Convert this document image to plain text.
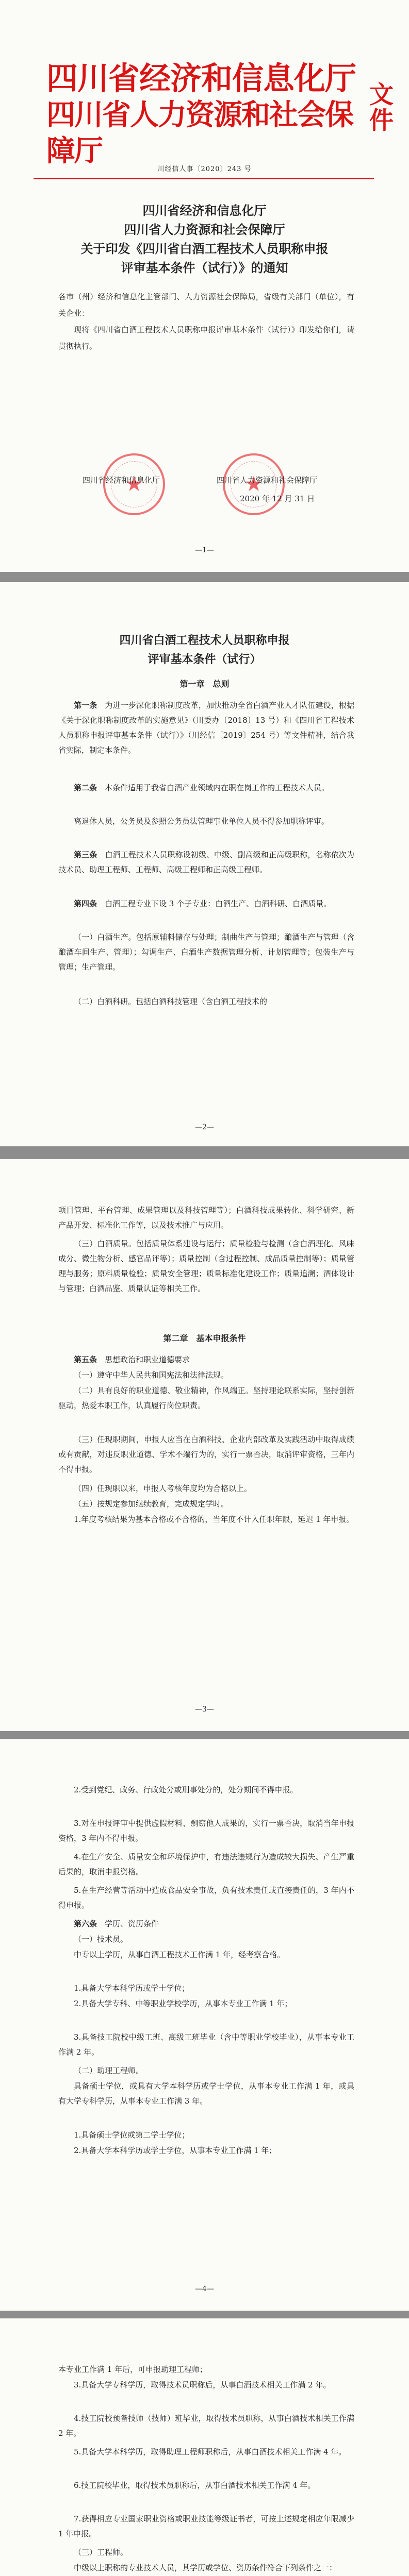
四川省经济和信息化厅
四川省人力资源和社会保障厅
文件
川经信人事〔2020〕243 号
四川省经济和信息化厅
四川省人力资源和社会保障厅
关于印发《四川省白酒工程技术人员职称申报
评审基本条件（试行）》的通知
各市（州）经济和信息化主管部门、人力资源社会保障局，省级有关部门（单位），有关企业：
现将《四川省白酒工程技术人员职称申报评审基本条件（试行）》印发给你们，请贯彻执行。
★
★
四川省经济和信息化厅	四川省人力资源和社会保障厅
2020 年 12 月 31 日
—1—
四川省白酒工程技术人员职称申报
评审基本条件（试行）
第一章　总则
第一条　 为进一步深化职称制度改革，加快推动全省白酒产业人才队伍建设，根据《关于深化职称制度改革的实施意见》（川委办〔2018〕13 号）和《四川省工程技术人员职称申报评审基本条件（试行）》（川经信〔2019〕254 号）等文件精神，结合我省实际，制定本条件。
第二条　 本条件适用于我省白酒产业领域内在职在岗工作的工程技术人员。
离退休人员，公务员及参照公务员法管理事业单位人员不得参加职称评审。
第三条　 白酒工程技术人员职称设初级、中级、副高级和正高级职称，名称依次为技术员、助理工程师、工程师、高级工程师和正高级工程师。
第四条　 白酒工程专业下设 3 个子专业：白酒生产、白酒科研、白酒质量。
（一）白酒生产。包括原辅料储存与处理；制曲生产与管理；酿酒生产与管理（含酿酒车间生产、管理）；勾调生产、白酒生产数据管理分析、计划管理等；包装生产与管理；生产管理。
（二）白酒科研。包括白酒科技管理（含白酒工程技术的
—2—
项目管理、平台管理、成果管理以及科技管理等）；白酒科技成果转化、科学研究、新产品开发、标准化工作等，以及技术推广与应用。
（三）白酒质量。包括质量体系建设与运行；质量检验与检测（含白酒理化、风味成分、微生物分析、感官品评等）；质量控制（含过程控制、成品质量控制等）；质量管理与服务；原料质量检验；质量安全管理；质量标准化建设工作；质量追溯；酒体设计与管理；白酒品鉴、质量认证等相关工作。
第二章　基本申报条件
第五条　 思想政治和职业道德要求
（一）遵守中华人民共和国宪法和法律法规。
（二）具有良好的职业道德、敬业精神，作风端正。坚持理论联系实际，坚持创新驱动，热爱本职工作，认真履行岗位职责。
（三）任现职期间，申报人应当在白酒科技、企业内部改革及实践活动中取得成绩或有贡献，对违反职业道德、学术不端行为的，实行一票否决，取消评审资格，三年内不得申报。
（四）任现职以来，申报人考核年度均为合格以上。
（五）按规定参加继续教育，完成规定学时。
1.年度考核结果为基本合格或不合格的，当年度不计入任职年限，延迟 1 年申报。
—3—
2.受到党纪、政务、行政处分或刑事处分的，处分期间不得申报。
3.对在申报评审中提供虚假材料、剽窃他人成果的，实行一票否决，取消当年申报资格，3 年内不得申报。
4.在生产安全、质量安全和环境保护中，有违法违规行为造成较大损失、产生严重后果的，取消申报资格。
5.在生产经营等活动中造成食品安全事故，负有技术责任或直接责任的，3 年内不得申报。
第六条　 学历、资历条件
（一）技术员。
中专以上学历，从事白酒工程技术工作满 1 年，经考察合格。
1.具备大学本科学历或学士学位；
2.具备大学专科、中等职业学校学历，从事本专业工作满 1 年；
3.具备技工院校中级工班、高级工班毕业（含中等职业学校毕业），从事本专业工作满 2 年。
（二）助理工程师。
具备硕士学位，或具有大学本科学历或学士学位，从事本专业工作满 1 年，或具有大学专科学历，从事本专业工作满 3 年。
1.具备硕士学位或第二学士学位；
2.具备大学本科学历或学士学位，从事本专业工作满 1 年；
—4—
本专业工作满 1 年后，可申报助理工程师；
3.具备大学专科学历，取得技术员职称后，从事白酒技术相关工作满 2 年。
4.技工院校预备技师（技师）班毕业，取得技术员职称，从事白酒技术相关工作满 2 年。
5.具备大学本科学历，取得助理工程师职称后，从事白酒技术相关工作满 4 年。
6.技工院校毕业，取得技术员职称后，从事白酒技术相关工作满 4 年。
7.获得相应专业国家职业资格或职业技能等级证书者，可按上述规定相应年限减少 1 年申报。
（三）工程师。
中级以上职称的专业技术人员，其学历或学位、资历条件符合下列条件之一：
